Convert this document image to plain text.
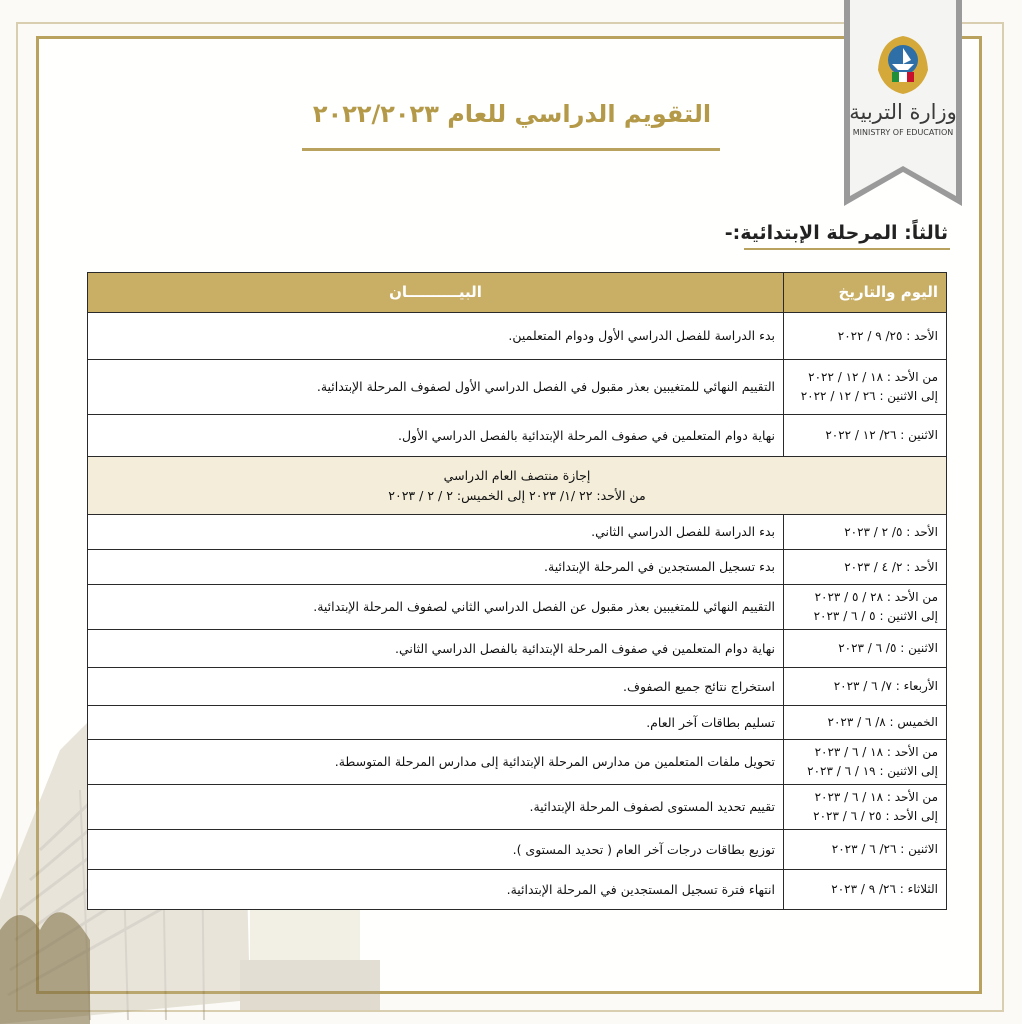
وزارة التربية
MINISTRY OF EDUCATION
التقويم الدراسي للعام ٢٠٢٢/٢٠٢٣
ثالثاً: المرحلة الإبتدائية:-
اليوم والتاريخ	البيــــــــــان

الأحد : ٢٥/ ٩ / ٢٠٢٢	بدء الدراسة للفصل الدراسي الأول ودوام المتعلمين.

من الأحد : ١٨ / ١٢ / ٢٠٢٢
إلى الاثنين : ٢٦ / ١٢ / ٢٠٢٢	التقييم النهائي للمتغيبين بعذر مقبول في الفصل الدراسي الأول لصفوف المرحلة الإبتدائية.

الاثنين : ٢٦/ ١٢ / ٢٠٢٢	نهاية دوام المتعلمين في صفوف المرحلة الإبتدائية بالفصل الدراسي الأول.

إجازة منتصف العام الدراسي
من الأحد: ٢٢ /١/ ٢٠٢٣ إلى الخميس: ٢ / ٢ / ٢٠٢٣	

الأحد : ٥/ ٢ / ٢٠٢٣	بدء الدراسة للفصل الدراسي الثاني.

الأحد : ٢/ ٤ / ٢٠٢٣	بدء تسجيل المستجدين في المرحلة الإبتدائية.

من الأحد : ٢٨ / ٥ / ٢٠٢٣
إلى الاثنين : ٥ / ٦ / ٢٠٢٣	التقييم النهائي للمتغيبين بعذر مقبول عن الفصل الدراسي الثاني لصفوف المرحلة الإبتدائية.

الاثنين : ٥/ ٦ / ٢٠٢٣	نهاية دوام المتعلمين في صفوف المرحلة الإبتدائية بالفصل الدراسي الثاني.

الأربعاء : ٧/ ٦ / ٢٠٢٣	استخراج نتائج جميع الصفوف.

الخميس : ٨/ ٦ / ٢٠٢٣	تسليم بطاقات آخر العام.

من الأحد : ١٨ / ٦ / ٢٠٢٣
إلى الاثنين : ١٩ / ٦ / ٢٠٢٣	تحويل ملفات المتعلمين من مدارس المرحلة الإبتدائية إلى مدارس المرحلة المتوسطة.

من الأحد : ١٨ / ٦ / ٢٠٢٣
إلى الأحد : ٢٥ / ٦ / ٢٠٢٣	تقييم تحديد المستوى لصفوف المرحلة الإبتدائية.

الاثنين : ٢٦/ ٦ / ٢٠٢٣	توزيع بطاقات درجات آخر العام ( تحديد المستوى ).

الثلاثاء : ٢٦/ ٩ / ٢٠٢٣	انتهاء فترة تسجيل المستجدين في المرحلة الإبتدائية.
